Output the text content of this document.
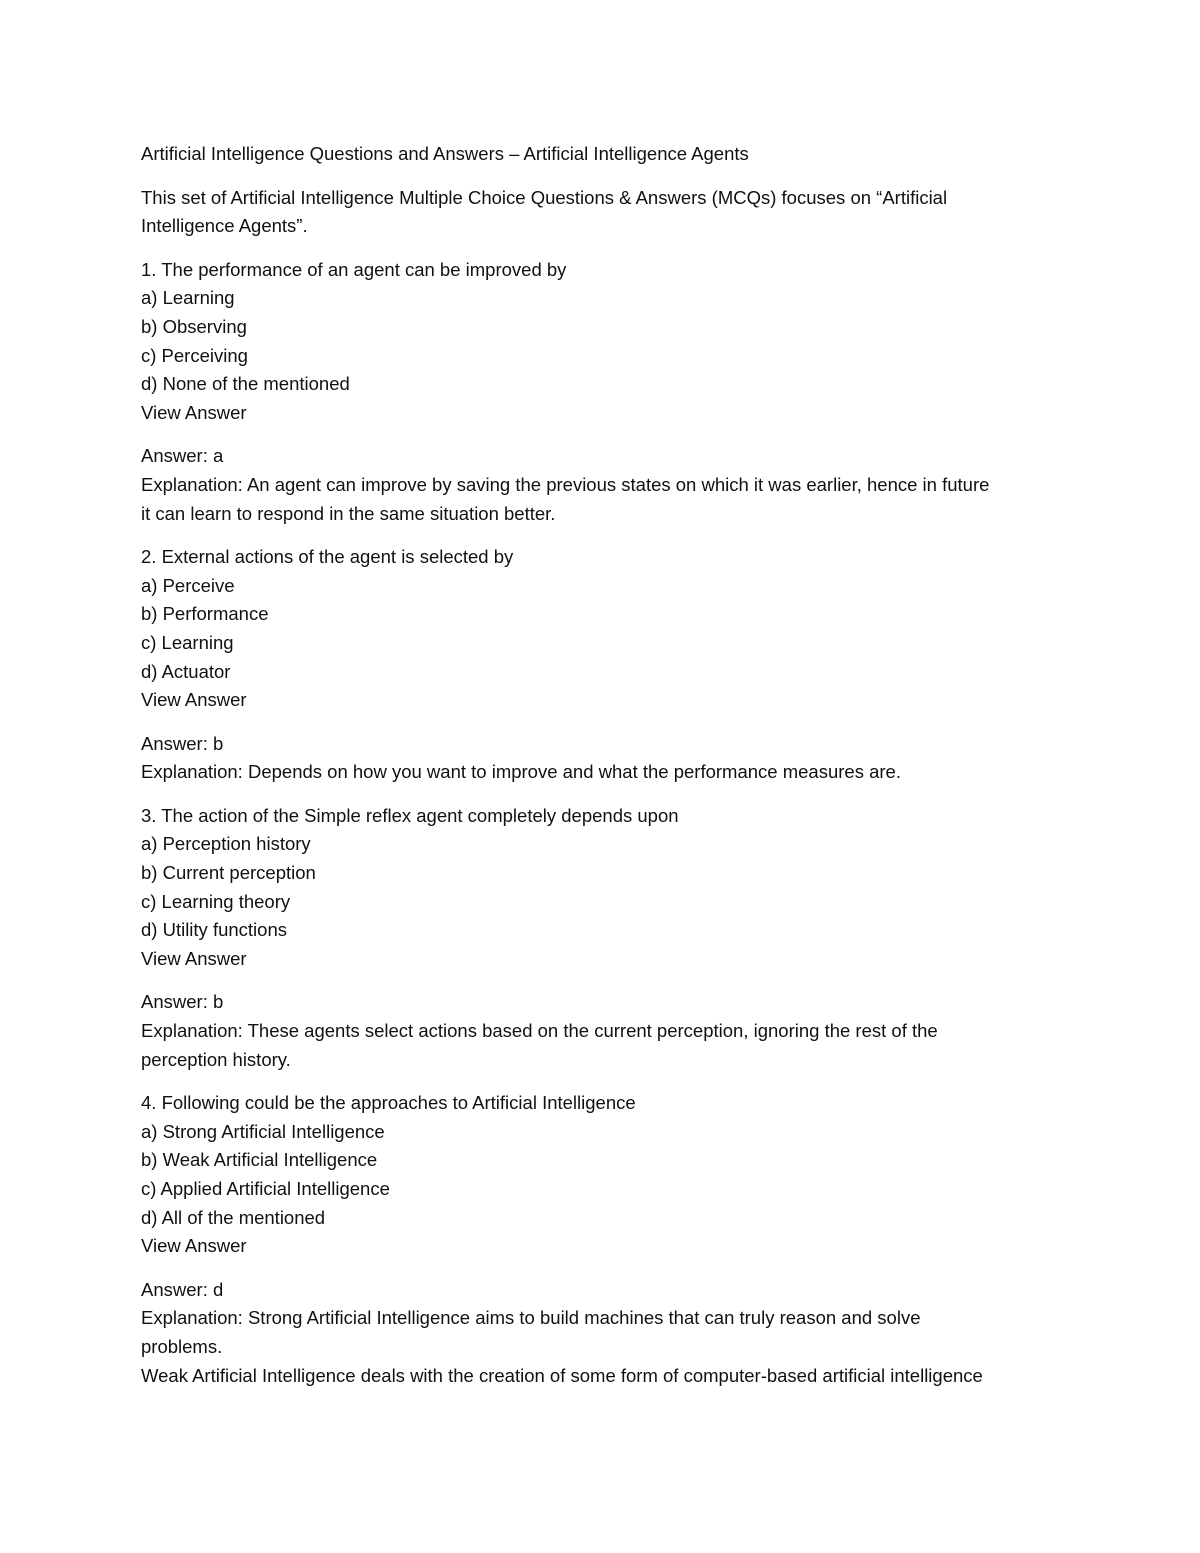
Artificial Intelligence Questions and Answers – Artificial Intelligence Agents
This set of Artificial Intelligence Multiple Choice Questions & Answers (MCQs) focuses on “Artificial
Intelligence Agents”.
1. The performance of an agent can be improved by
a) Learning
b) Observing
c) Perceiving
d) None of the mentioned
View Answer
Answer: a
Explanation: An agent can improve by saving the previous states on which it was earlier, hence in future
it can learn to respond in the same situation better.
2. External actions of the agent is selected by
a) Perceive
b) Performance
c) Learning
d) Actuator
View Answer
Answer: b
Explanation: Depends on how you want to improve and what the performance measures are.
3. The action of the Simple reflex agent completely depends upon
a) Perception history
b) Current perception
c) Learning theory
d) Utility functions
View Answer
Answer: b
Explanation: These agents select actions based on the current perception, ignoring the rest of the
perception history.
4. Following could be the approaches to Artificial Intelligence
a) Strong Artificial Intelligence
b) Weak Artificial Intelligence
c) Applied Artificial Intelligence
d) All of the mentioned
View Answer
Answer: d
Explanation: Strong Artificial Intelligence aims to build machines that can truly reason and solve
problems.
Weak Artificial Intelligence deals with the creation of some form of computer-based artificial intelligence
